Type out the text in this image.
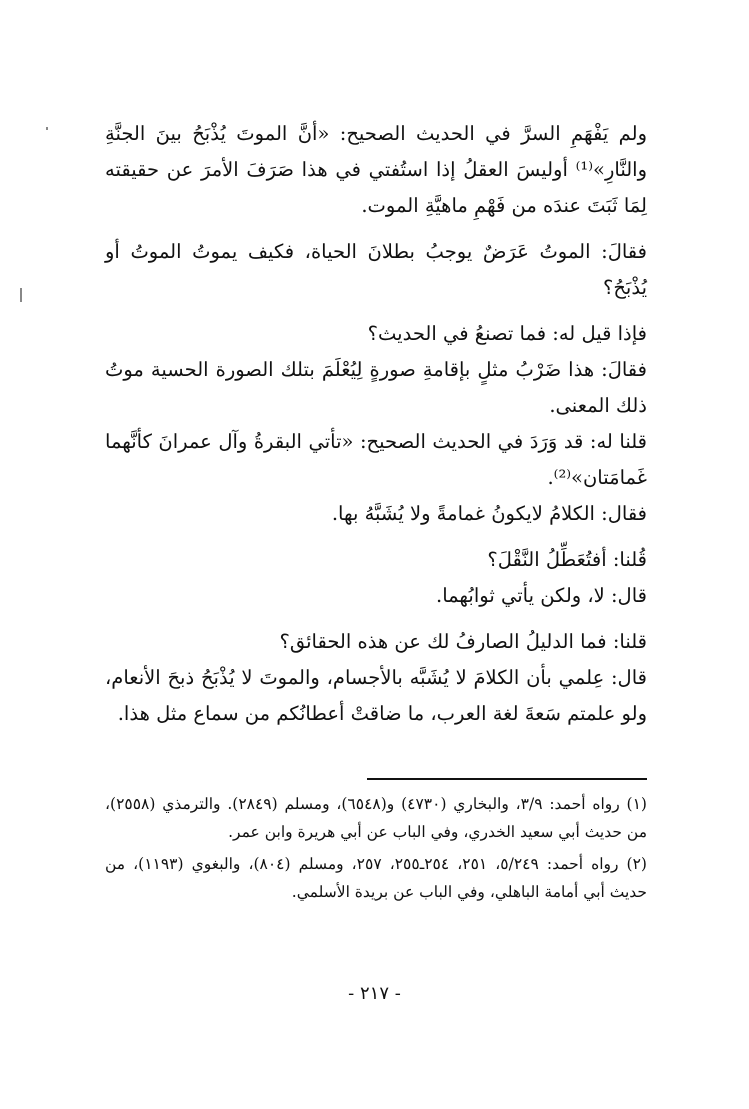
ولم يَفْهَمِ السرَّ في الحديث الصحيح: «أنَّ الموتَ يُذْبَحُ بينَ الجنَّةِ والنَّارِ»⁽¹⁾ أوليسَ العقلُ إذا استُفتي في هذا صَرَفَ الأمرَ عن حقيقته لِمَا ثَبَتَ عندَه من فَهْمِ ماهيَّةِ الموت.

فقالَ: الموتُ عَرَضٌ يوجبُ بطلانَ الحياة، فكيف يموتُ الموتُ أو يُذْبَحُ؟

فإذا قيل له: فما تصنعُ في الحديث؟

فقالَ: هذا ضَرْبُ مثلٍ بإقامةِ صورةٍ لِيُعْلَمَ بتلك الصورة الحسية موتُ ذلك المعنى.

قلنا له: قد وَرَدَ في الحديث الصحيح: «تأتي البقرةُ وآل عمرانَ كأنَّهما غَمامَتان»⁽²⁾.

فقال: الكلامُ لايكونُ غمامةً ولا يُشَبَّهُ بها.

قُلنا: أفتُعَطِّلُ النَّقْلَ؟

قال: لا، ولكن يأتي ثوابُهما.

قلنا: فما الدليلُ الصارفُ لك عن هذه الحقائق؟

قال: عِلمي بأن الكلامَ لا يُشَبَّه بالأجسام، والموتَ لا يُذْبَحُ ذبحَ الأنعام، ولو علمتم سَعةَ لغة العرب، ما ضاقتْ أعطانُكم من سماع مثل هذا.

(١) رواه أحمد: ٣/٩، والبخاري (٤٧٣٠) و(٦٥٤٨)، ومسلم (٢٨٤٩). والترمذي (٢٥٥٨)، من حديث أبي سعيد الخدري، وفي الباب عن أبي هريرة وابن عمر.

(٢) رواه أحمد: ٥/٢٤٩، ٢٥١، ٢٥٤ـ٢٥٥، ٢٥٧، ومسلم (٨٠٤)، والبغوي (١١٩٣)، من حديث أبي أمامة الباهلي، وفي الباب عن بريدة الأسلمي.

- ٢١٧ -
